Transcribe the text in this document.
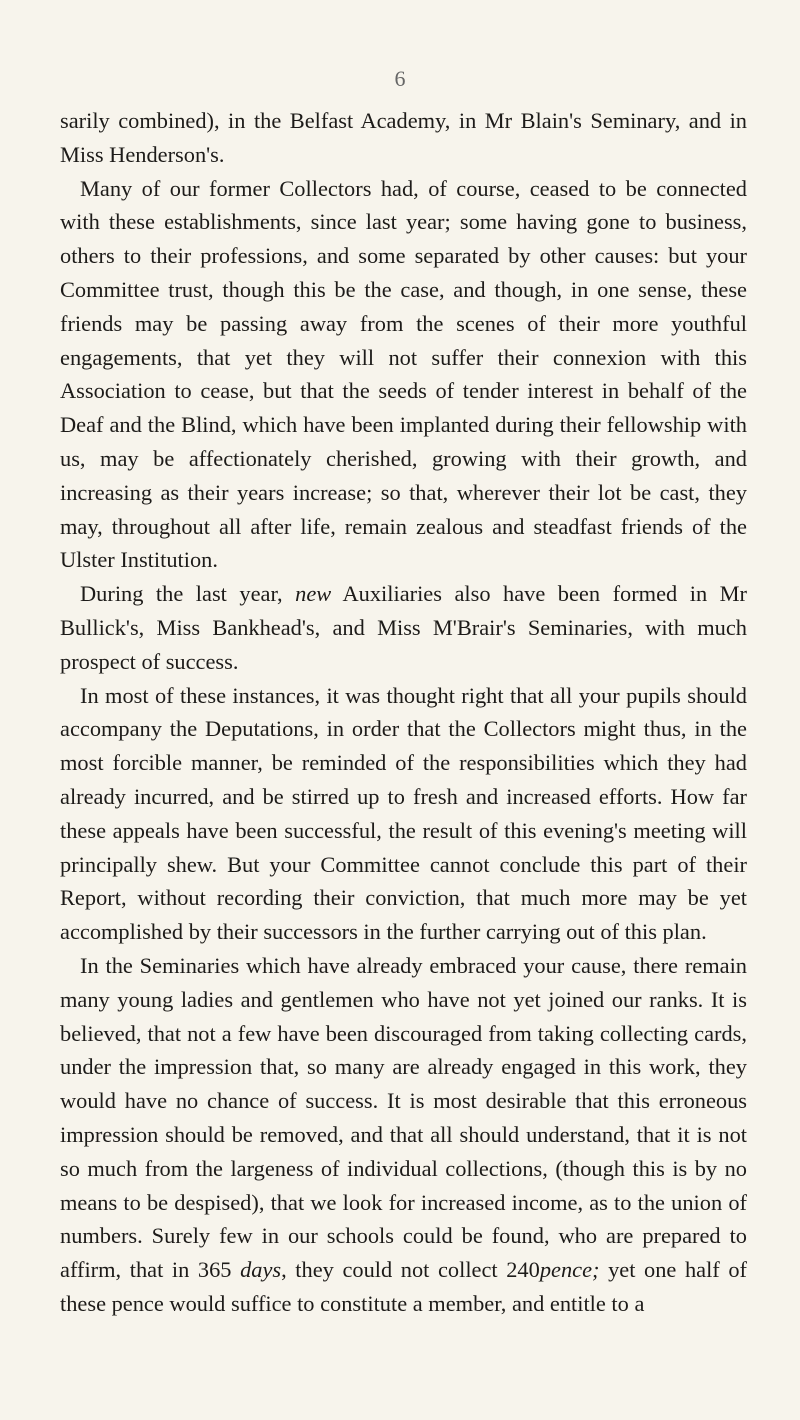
6

sarily combined), in the Belfast Academy, in Mr Blain's Seminary, and in Miss Henderson's.

Many of our former Collectors had, of course, ceased to be connected with these establishments, since last year; some having gone to business, others to their professions, and some separated by other causes: but your Committee trust, though this be the case, and though, in one sense, these friends may be passing away from the scenes of their more youthful engagements, that yet they will not suffer their connexion with this Association to cease, but that the seeds of tender interest in behalf of the Deaf and the Blind, which have been implanted during their fellowship with us, may be affectionately cherished, growing with their growth, and increasing as their years increase; so that, wherever their lot be cast, they may, throughout all after life, remain zealous and steadfast friends of the Ulster Institution.

During the last year, new Auxiliaries also have been formed in Mr Bullick's, Miss Bankhead's, and Miss M'Brair's Seminaries, with much prospect of success.

In most of these instances, it was thought right that all your pupils should accompany the Deputations, in order that the Collectors might thus, in the most forcible manner, be reminded of the responsibilities which they had already incurred, and be stirred up to fresh and increased efforts. How far these appeals have been successful, the result of this evening's meeting will principally shew. But your Committee cannot conclude this part of their Report, without recording their conviction, that much more may be yet accomplished by their successors in the further carrying out of this plan.

In the Seminaries which have already embraced your cause, there remain many young ladies and gentlemen who have not yet joined our ranks. It is believed, that not a few have been discouraged from taking collecting cards, under the impression that, so many are already engaged in this work, they would have no chance of success. It is most desirable that this erroneous impression should be removed, and that all should understand, that it is not so much from the largeness of individual collections, (though this is by no means to be despised), that we look for increased income, as to the union of numbers. Surely few in our schools could be found, who are prepared to affirm, that in 365 days, they could not collect 240pence; yet one half of these pence would suffice to constitute a member, and entitle to a
